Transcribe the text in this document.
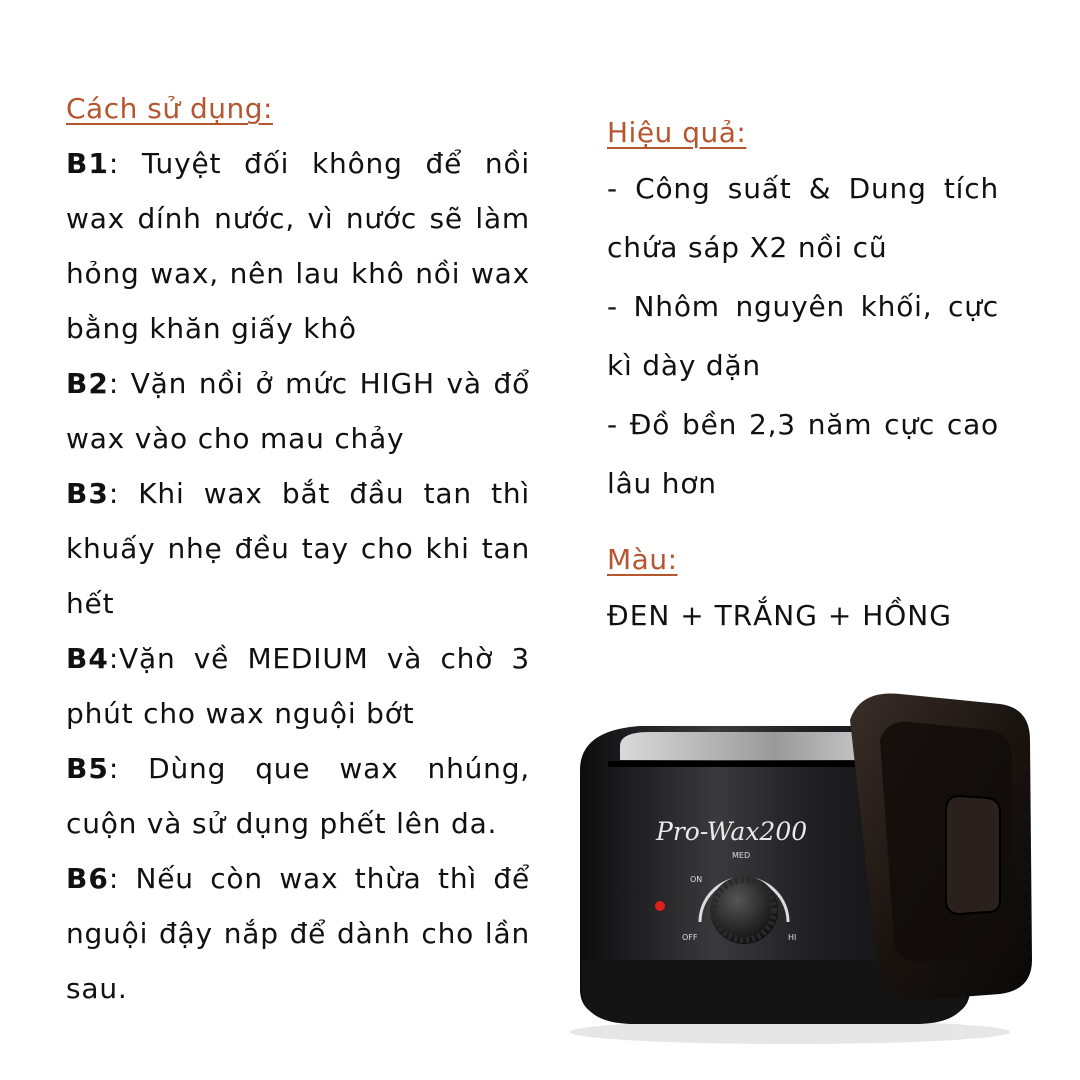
Cách sử dụng:
B1: Tuyệt đối không để nồi wax dính nước, vì nước sẽ làm hỏng wax, nên lau khô nồi wax bằng khăn giấy khô
B2: Vặn nồi ở mức HIGH và đổ wax vào cho mau chảy
B3: Khi wax bắt đầu tan thì khuấy nhẹ đều tay cho khi tan hết
B4:Vặn về MEDIUM và chờ 3 phút cho wax nguội bớt
B5: Dùng que wax nhúng, cuộn và sử dụng phết lên da.
B6: Nếu còn wax thừa thì để nguội đậy nắp để dành cho lần sau.
Hiệu quả:
- Công suất & Dung tích chứa sáp X2 nồi cũ
- Nhôm nguyên khối, cực kì dày dặn
- Đồ bền 2,3 năm cực cao lâu hơn
Màu:
ĐEN + TRẮNG + HỒNG
Pro-Wax200
ON
MED
OFF	HI
